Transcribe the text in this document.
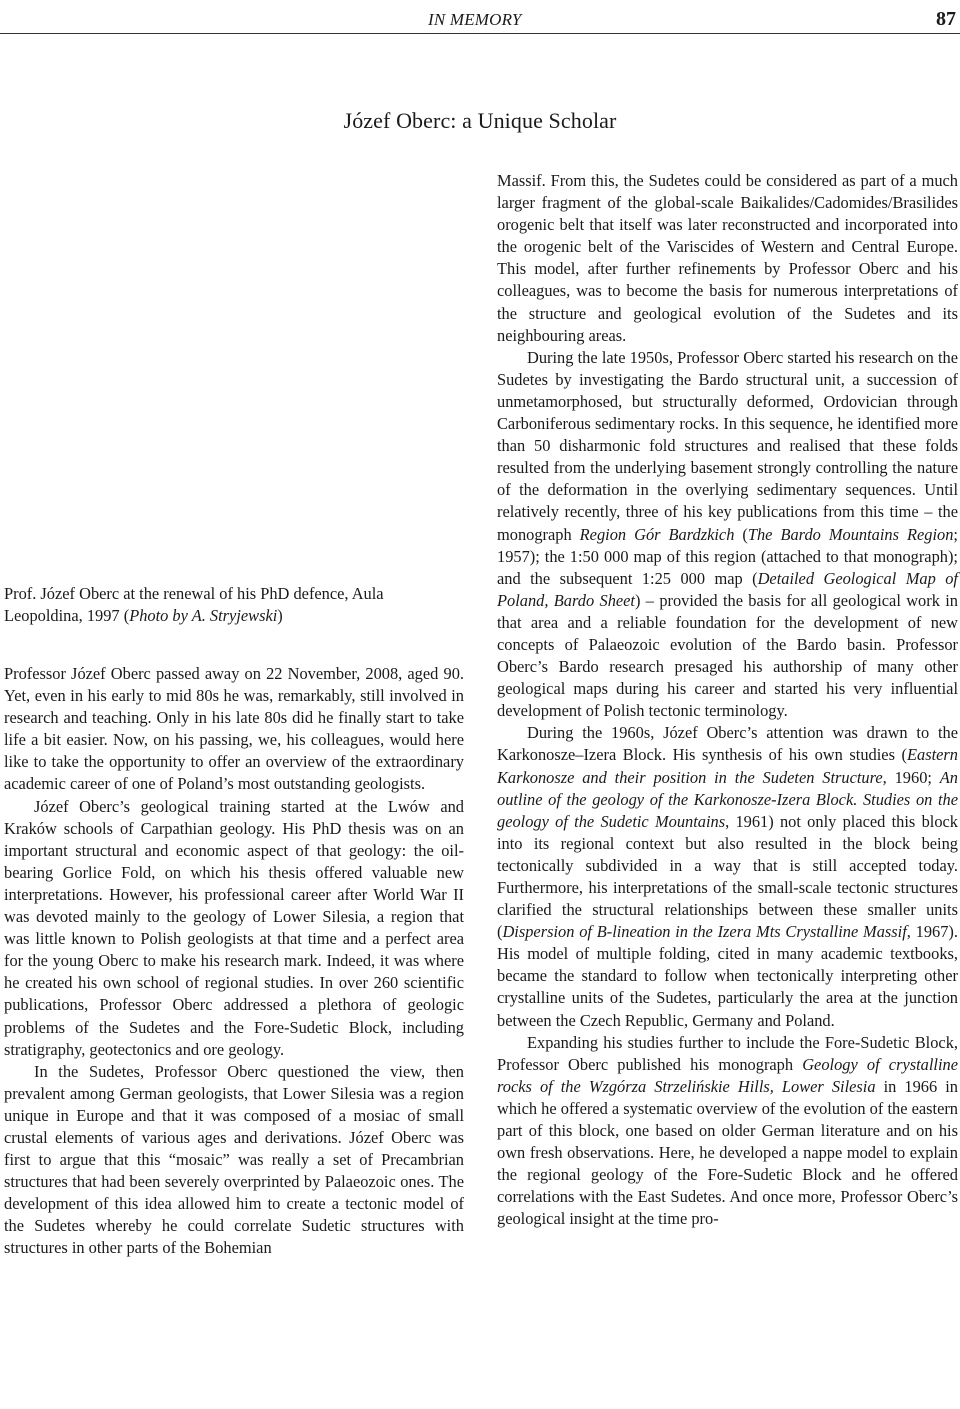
IN MEMORY	87
Józef Oberc: a Unique Scholar
Prof. Józef Oberc at the renewal of his PhD defence, Aula Leopoldina, 1997 (Photo by A. Stryjewski)

Professor Józef Oberc passed away on 22 November, 2008, aged 90. Yet, even in his early to mid 80s he was, remarkably, still involved in research and teaching. Only in his late 80s did he finally start to take life a bit easier. Now, on his passing, we, his colleagues, would here like to take the opportunity to offer an overview of the extraordinary academic career of one of Poland’s most outstanding geologists.

Józef Oberc’s geological training started at the Lwów and Kraków schools of Carpathian geology. His PhD thesis was on an important structural and economic aspect of that geology: the oil-bearing Gorlice Fold, on which his thesis offered valuable new interpretations. However, his professional career after World War II was devoted mainly to the geology of Lower Silesia, a region that was little known to Polish geologists at that time and a perfect area for the young Oberc to make his research mark. Indeed, it was where he created his own school of regional studies. In over 260 scientific publications, Professor Oberc addressed a plethora of geologic problems of the Sudetes and the Fore-Sudetic Block, including stratigraphy, geotectonics and ore geology.

In the Sudetes, Professor Oberc questioned the view, then prevalent among German geologists, that Lower Silesia was a region unique in Europe and that it was composed of a mosiac of small crustal elements of various ages and derivations. Józef Oberc was first to argue that this “mosaic” was really a set of Precambrian structures that had been severely overprinted by Palaeozoic ones. The development of this idea allowed him to create a tectonic model of the Sudetes whereby he could correlate Sudetic structures with structures in other parts of the Bohemian

Massif. From this, the Sudetes could be considered as part of a much larger fragment of the global-scale Baikalides/Cadomides/Brasilides orogenic belt that itself was later reconstructed and incorporated into the orogenic belt of the Variscides of Western and Central Europe. This model, after further refinements by Professor Oberc and his colleagues, was to become the basis for numerous interpretations of the structure and geological evolution of the Sudetes and its neighbouring areas.

During the late 1950s, Professor Oberc started his research on the Sudetes by investigating the Bardo structural unit, a succession of unmetamorphosed, but structurally deformed, Ordovician through Carboniferous sedimentary rocks. In this sequence, he identified more than 50 disharmonic fold structures and realised that these folds resulted from the underlying basement strongly controlling the nature of the deformation in the overlying sedimentary sequences. Until relatively recently, three of his key publications from this time – the monograph Region Gór Bardzkich (The Bardo Mountains Region; 1957); the 1:50 000 map of this region (attached to that monograph); and the subsequent 1:25 000 map (Detailed Geological Map of Poland, Bardo Sheet) – provided the basis for all geological work in that area and a reliable foundation for the development of new concepts of Palaeozoic evolution of the Bardo basin. Professor Oberc’s Bardo research presaged his authorship of many other geological maps during his career and started his very influential development of Polish tectonic terminology.

During the 1960s, Józef Oberc’s attention was drawn to the Karkonosze–Izera Block. His synthesis of his own studies (Eastern Karkonosze and their position in the Sudeten Structure, 1960; An outline of the geology of the Karkonosze-Izera Block. Studies on the geology of the Sudetic Mountains, 1961) not only placed this block into its regional context but also resulted in the block being tectonically subdivided in a way that is still accepted today. Furthermore, his interpretations of the small-scale tectonic structures clarified the structural relationships between these smaller units (Dispersion of B-lineation in the Izera Mts Crystalline Massif, 1967). His model of multiple folding, cited in many academic textbooks, became the standard to follow when tectonically interpreting other crystalline units of the Sudetes, particularly the area at the junction between the Czech Republic, Germany and Poland.

Expanding his studies further to include the Fore-Sudetic Block, Professor Oberc published his monograph Geology of crystalline rocks of the Wzgórza Strzelińskie Hills, Lower Silesia in 1966 in which he offered a systematic overview of the evolution of the eastern part of this block, one based on older German literature and on his own fresh observations. Here, he developed a nappe model to explain the regional geology of the Fore-Sudetic Block and he offered correlations with the East Sudetes. And once more, Professor Oberc’s geological insight at the time pro-
